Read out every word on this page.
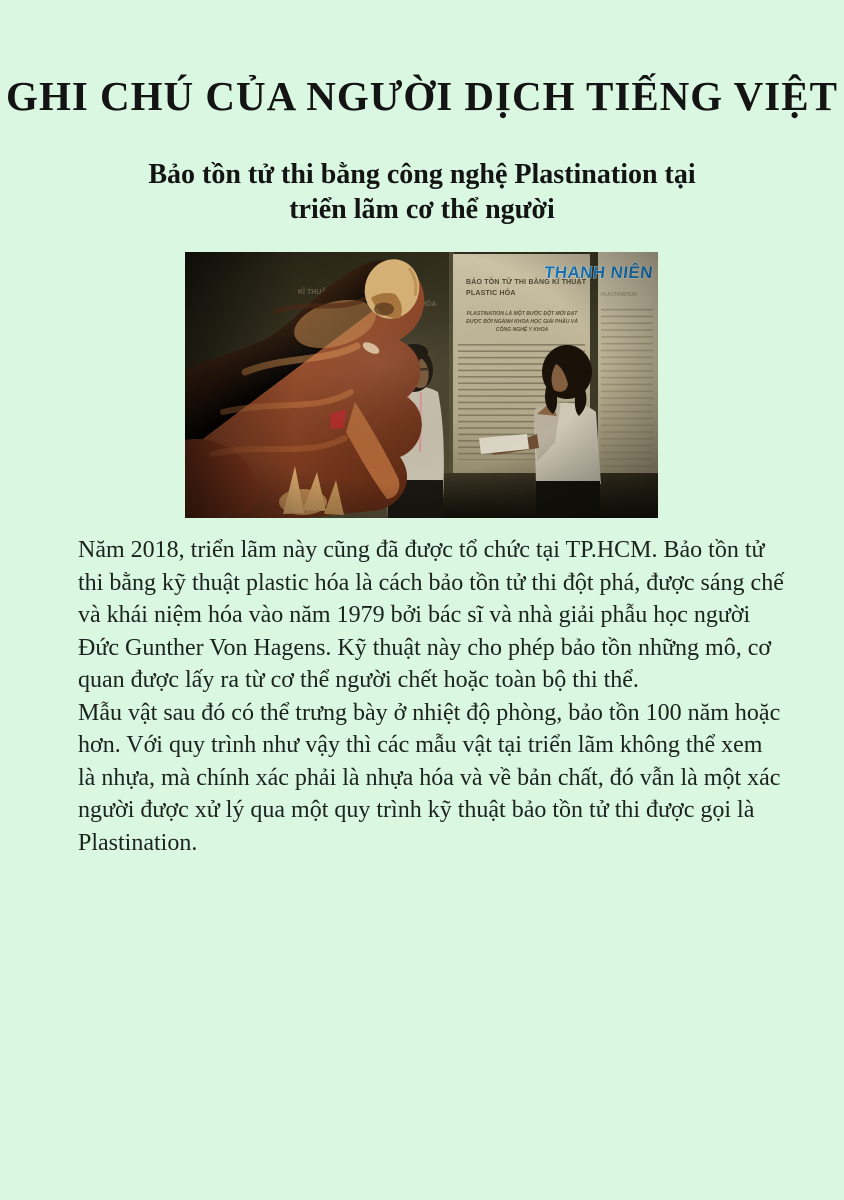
GHI CHÚ CỦA NGƯỜI DỊCH TIẾNG VIỆT
Bảo tồn tử thi bằng công nghệ Plastination tại
triển lãm cơ thể người

Năm 2018, triển lãm này cũng đã được tổ chức tại TP.HCM. Bảo tồn tử thi bằng kỹ thuật plastic hóa là cách bảo tồn tử thi đột phá, được sáng chế và khái niệm hóa vào năm 1979 bởi bác sĩ và nhà giải phẫu học người Đức Gunther Von Hagens. Kỹ thuật này cho phép bảo tồn những mô, cơ quan được lấy ra từ cơ thể người chết hoặc toàn bộ thi thể.

Mẫu vật sau đó có thể trưng bày ở nhiệt độ phòng, bảo tồn 100 năm hoặc hơn. Với quy trình như vậy thì các mẫu vật tại triển lãm không thể xem là nhựa, mà chính xác phải là nhựa hóa và về bản chất, đó vẫn là một xác người được xử lý qua một quy trình kỹ thuật bảo tồn tử thi được gọi là Plastination.
